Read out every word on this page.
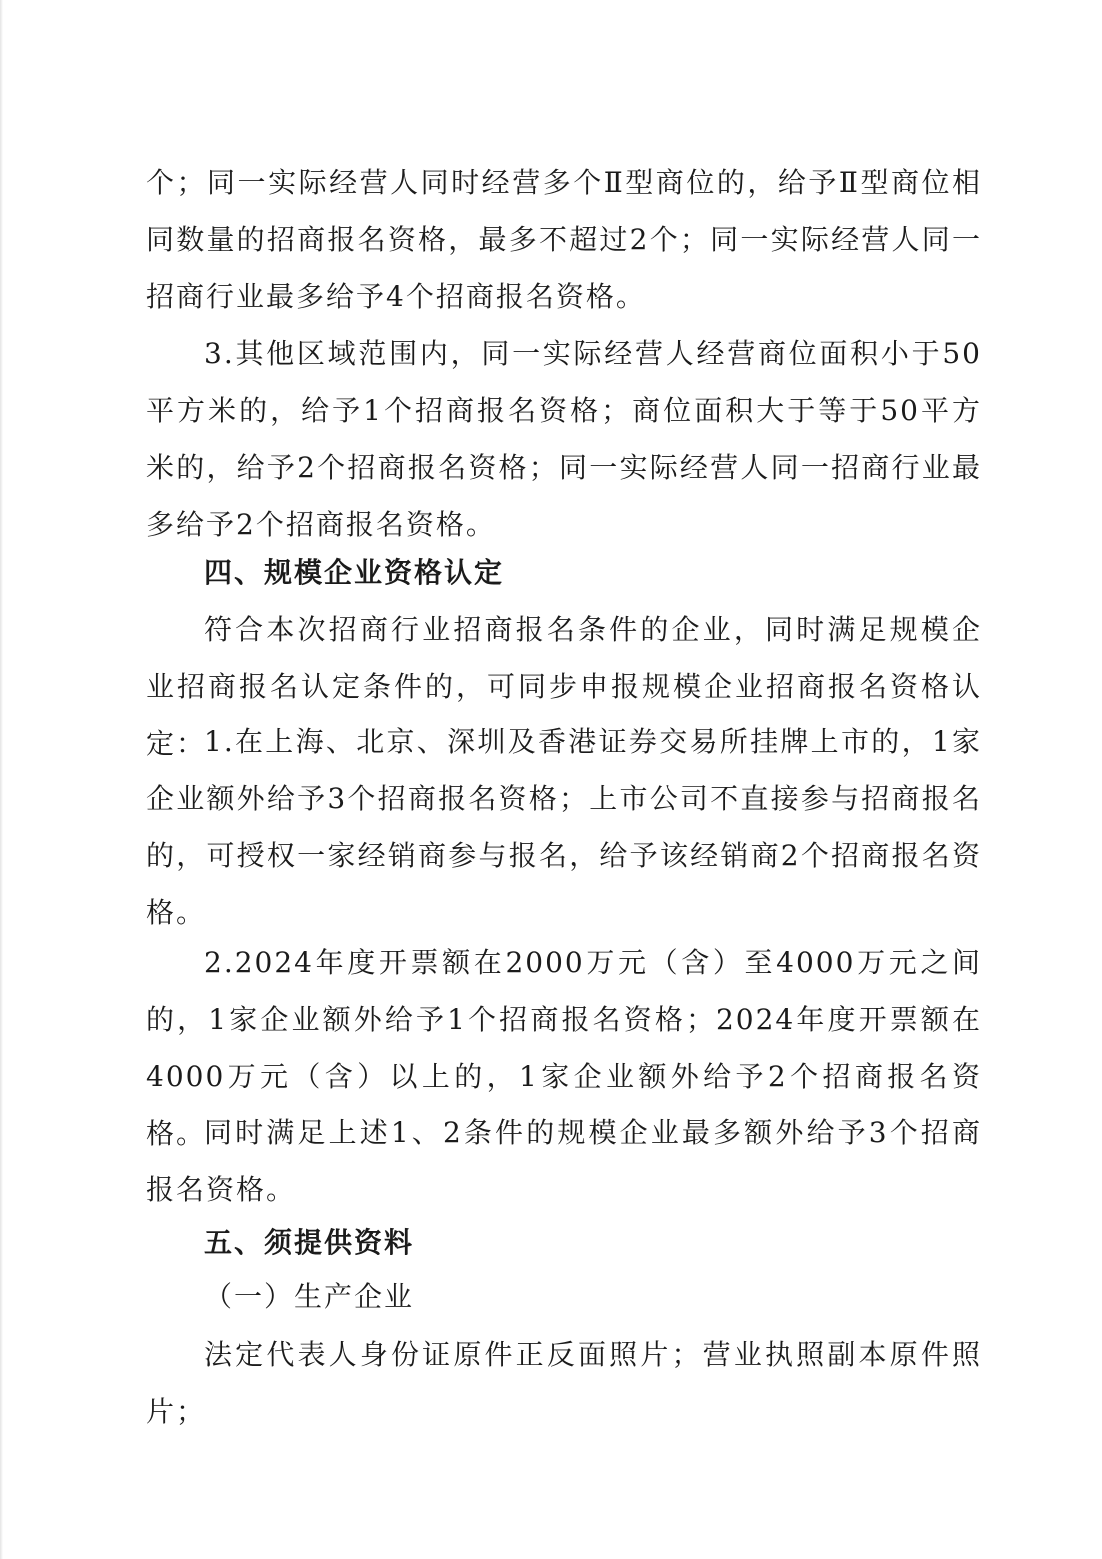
个；同一实际经营人同时经营多个Ⅱ型商位的，给予Ⅱ型商位相同数量的招商报名资格，最多不超过2个；同一实际经营人同一招商行业最多给予4个招商报名资格。

3.其他区域范围内，同一实际经营人经营商位面积小于50平方米的，给予1个招商报名资格；商位面积大于等于50平方米的，给予2个招商报名资格；同一实际经营人同一招商行业最多给予2个招商报名资格。

四、规模企业资格认定

符合本次招商行业招商报名条件的企业，同时满足规模企业招商报名认定条件的，可同步申报规模企业招商报名资格认定：

1.在上海、北京、深圳及香港证券交易所挂牌上市的，1家企业额外给予3个招商报名资格；上市公司不直接参与招商报名的，可授权一家经销商参与报名，给予该经销商2个招商报名资格。

2.2024年度开票额在2000万元（含）至4000万元之间的，1家企业额外给予1个招商报名资格；2024年度开票额在4000万元（含）以上的，1家企业额外给予2个招商报名资格。

同时满足上述1、2条件的规模企业最多额外给予3个招商报名资格。

五、须提供资料

（一）生产企业

法定代表人身份证原件正反面照片；营业执照副本原件照片；
